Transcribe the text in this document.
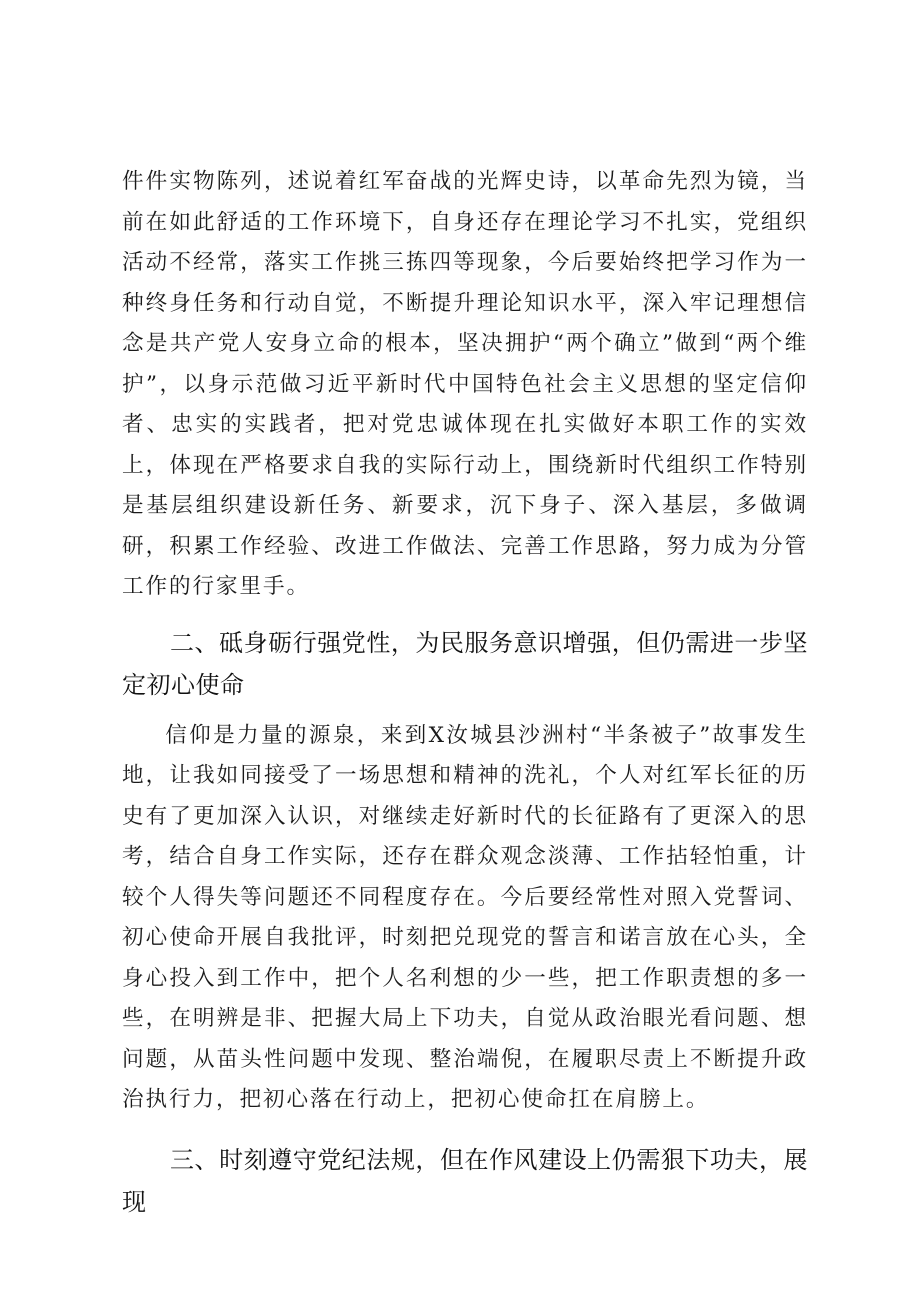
件件实物陈列，述说着红军奋战的光辉史诗，以革命先烈为镜，当前在如此舒适的工作环境下，自身还存在理论学习不扎实，党组织活动不经常，落实工作挑三拣四等现象，今后要始终把学习作为一种终身任务和行动自觉，不断提升理论知识水平，深入牢记理想信念是共产党人安身立命的根本，坚决拥护“两个确立”做到“两个维护”，以身示范做习近平新时代中国特色社会主义思想的坚定信仰者、忠实的实践者，把对党忠诚体现在扎实做好本职工作的实效上，体现在严格要求自我的实际行动上，围绕新时代组织工作特别是基层组织建设新任务、新要求，沉下身子、深入基层，多做调研，积累工作经验、改进工作做法、完善工作思路，努力成为分管工作的行家里手。

二、砥身砺行强党性，为民服务意识增强，但仍需进一步坚定初心使命

信仰是力量的源泉，来到X汝城县沙洲村“半条被子”故事发生地，让我如同接受了一场思想和精神的洗礼，个人对红军长征的历史有了更加深入认识，对继续走好新时代的长征路有了更深入的思考，结合自身工作实际，还存在群众观念淡薄、工作拈轻怕重，计较个人得失等问题还不同程度存在。今后要经常性对照入党誓词、初心使命开展自我批评，时刻把兑现党的誓言和诺言放在心头，全身心投入到工作中，把个人名利想的少一些，把工作职责想的多一些，在明辨是非、把握大局上下功夫，自觉从政治眼光看问题、想问题，从苗头性问题中发现、整治端倪，在履职尽责上不断提升政治执行力，把初心落在行动上，把初心使命扛在肩膀上。

三、时刻遵守党纪法规，但在作风建设上仍需狠下功夫，展现
